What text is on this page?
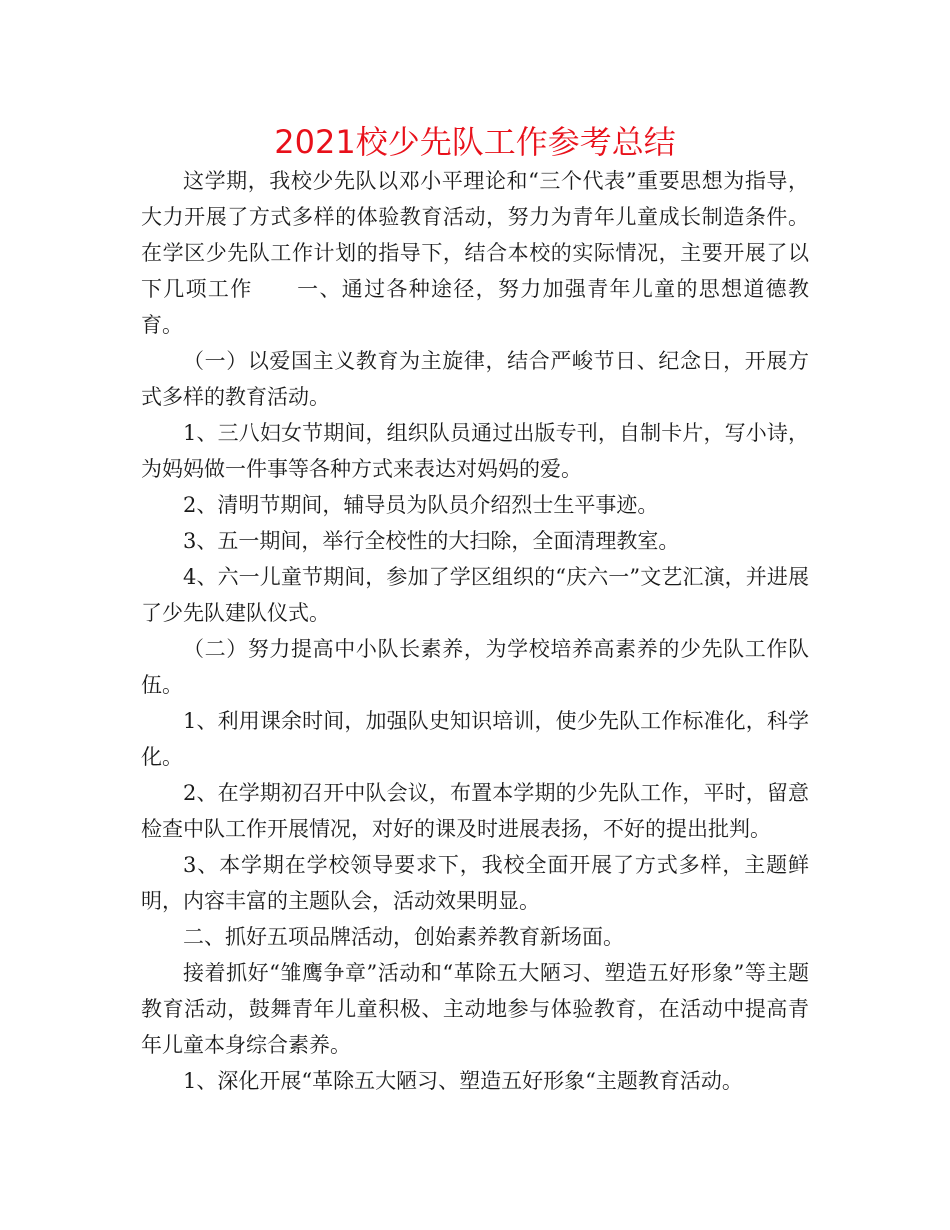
2021校少先队工作参考总结

这学期，我校少先队以邓小平理论和“三个代表”重要思想为指导，大力开展了方式多样的体验教育活动，努力为青年儿童成长制造条件。在学区少先队工作计划的指导下，结合本校的实际情况，主要开展了以下几项工作　　一、通过各种途径，努力加强青年儿童的思想道德教育。

（一）以爱国主义教育为主旋律，结合严峻节日、纪念日，开展方式多样的教育活动。

1、三八妇女节期间，组织队员通过出版专刊，自制卡片，写小诗，为妈妈做一件事等各种方式来表达对妈妈的爱。

2、清明节期间，辅导员为队员介绍烈士生平事迹。

3、五一期间，举行全校性的大扫除，全面清理教室。

4、六一儿童节期间，参加了学区组织的“庆六一”文艺汇演，并进展了少先队建队仪式。

（二）努力提高中小队长素养，为学校培养高素养的少先队工作队伍。

1、利用课余时间，加强队史知识培训，使少先队工作标准化，科学化。

2、在学期初召开中队会议，布置本学期的少先队工作，平时，留意检查中队工作开展情况，对好的课及时进展表扬，不好的提出批判。

3、本学期在学校领导要求下，我校全面开展了方式多样，主题鲜明，内容丰富的主题队会，活动效果明显。

二、抓好五项品牌活动，创始素养教育新场面。

接着抓好“雏鹰争章”活动和“革除五大陋习、塑造五好形象”等主题教育活动，鼓舞青年儿童积极、主动地参与体验教育，在活动中提高青年儿童本身综合素养。

1、深化开展“革除五大陋习、塑造五好形象“主题教育活动。
